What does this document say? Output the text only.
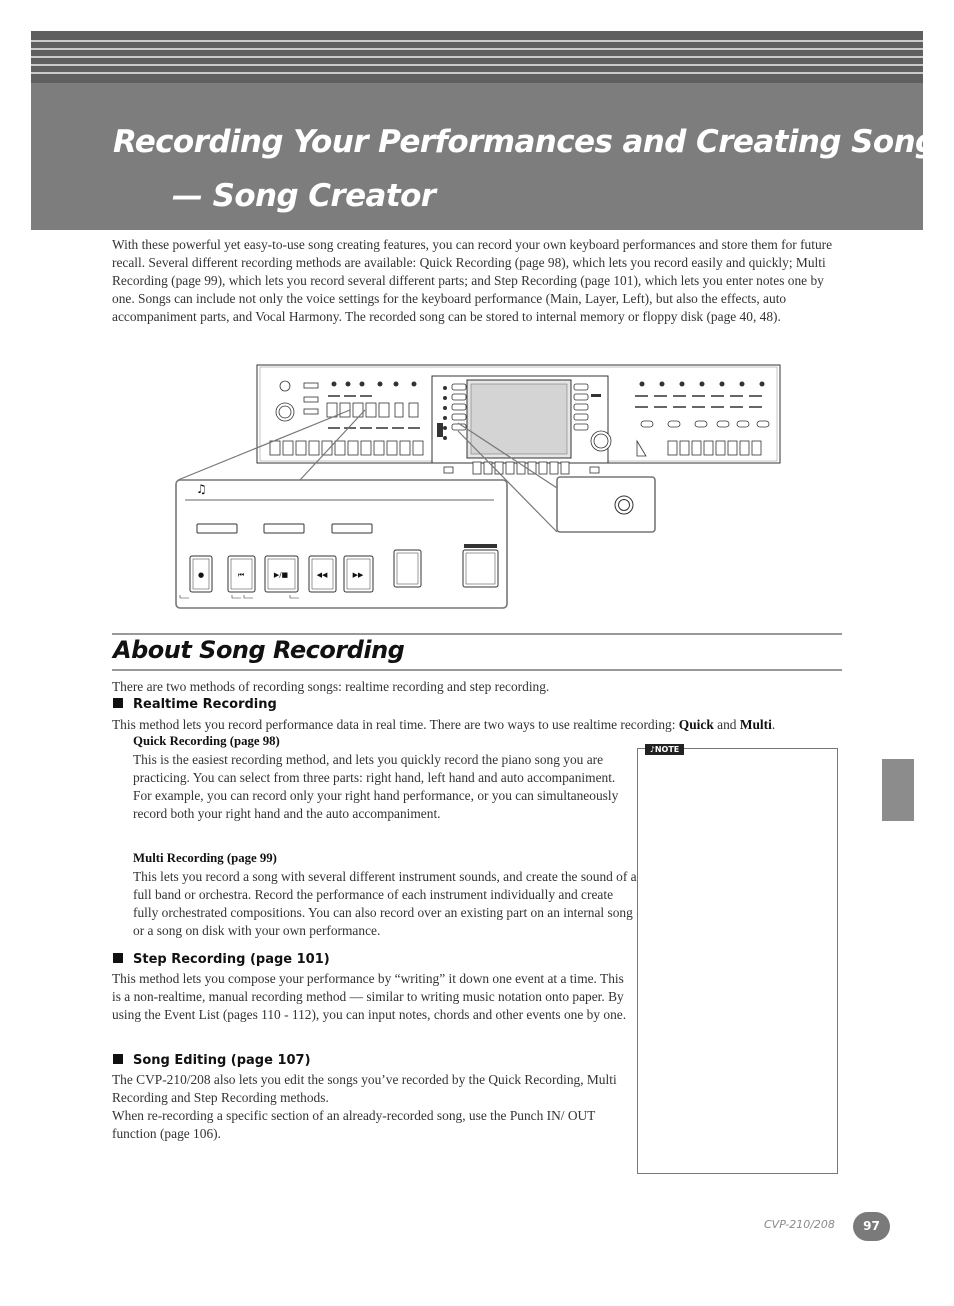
Recording Your Performances and Creating Songs
— Song Creator

With these powerful yet easy-to-use song creating features, you can record your own keyboard performances and store them for future recall. Several different recording methods are available: Quick Recording (page 98), which lets you record easily and quickly; Multi Recording (page 99), which lets you record several different parts; and Step Recording (page 101), which lets you enter notes one by one. Songs can include not only the voice settings for the keyboard performance (Main, Layer, Left), but also the effects, auto accompaniment parts, and Vocal Harmony. The recorded song can be stored to internal memory or floppy disk (page 40, 48).

♫
●	⏮	▶/■	◀◀	▶▶
About Song Recording

There are two methods of recording songs: realtime recording and step recording.

Realtime Recording

This method lets you record performance data in real time. There are two ways to use realtime recording: Quick and Multi.

Quick Recording (page 98)

This is the easiest recording method, and lets you quickly record the piano song you are practicing. You can select from three parts: right hand, left hand and auto accompaniment. For example, you can record only your right hand performance, or you can simultaneously record both your right hand and the auto accompaniment.

Multi Recording (page 99)

This lets you record a song with several different instrument sounds, and create the sound of a full band or orchestra. Record the performance of each instrument individually and create fully orchestrated compositions. You can also record over an existing part on an internal song or a song on disk with your own performance.

Step Recording (page 101)

This method lets you compose your performance by “writing” it down one event at a time. This is a non-realtime, manual recording method — similar to writing music notation onto paper. By using the Event List (pages 110 - 112), you can input notes, chords and other events one by one.

Song Editing (page 107)

The CVP-210/208 also lets you edit the songs you’ve recorded by the Quick Recording, Multi Recording and Step Recording methods.

When re-recording a specific section of an already-recorded song, use the Punch IN/ OUT function (page 106).

♪NOTE
CVP-210/208	97
